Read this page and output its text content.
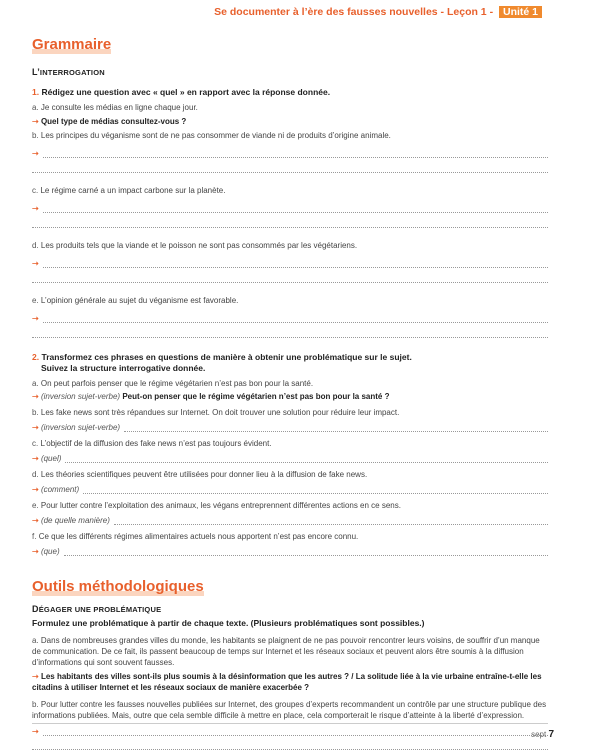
Se documenter à l’ère des fausses nouvelles - Leçon 1 - Unité 1
Grammaire
L’INTERROGATION
1. Rédigez une question avec « quel » en rapport avec la réponse donnée.
a. Je consulte les médias en ligne chaque jour.
➝ Quel type de médias consultez-vous ?
b. Les principes du véganisme sont de ne pas consommer de viande ni de produits d’origine animale.
➝
c. Le régime carné a un impact carbone sur la planète.
➝
d. Les produits tels que la viande et le poisson ne sont pas consommés par les végétariens.
➝
e. L’opinion générale au sujet du véganisme est favorable.
➝
2. Transformez ces phrases en questions de manière à obtenir une problématique sur le sujet.
Suivez la structure interrogative donnée.
a. On peut parfois penser que le régime végétarien n’est pas bon pour la santé.
➝ (inversion sujet-verbe) Peut-on penser que le régime végétarien n’est pas bon pour la santé ?
b. Les fake news sont très répandues sur Internet. On doit trouver une solution pour réduire leur impact.
➝
(inversion sujet-verbe)
c. L’objectif de la diffusion des fake news n’est pas toujours évident.
➝
(quel)
d. Les théories scientifiques peuvent être utilisées pour donner lieu à la diffusion de fake news.
➝
(comment)
e. Pour lutter contre l’exploitation des animaux, les végans entreprennent différentes actions en ce sens.
➝
(de quelle manière)
f. Ce que les différents régimes alimentaires actuels nous apportent n’est pas encore connu.
➝
(que)
Outils méthodologiques
DÉGAGER UNE PROBLÉMATIQUE
Formulez une problématique à partir de chaque texte. (Plusieurs problématiques sont possibles.)
a. Dans de nombreuses grandes villes du monde, les habitants se plaignent de ne pas pouvoir rencontrer leurs voisins, de souffrir d’un manque de communication. De ce fait, ils passent beaucoup de temps sur Internet et les réseaux sociaux et peuvent alors être soumis à la diffusion d’informations qui sont souvent fausses.
➝ Les habitants des villes sont-ils plus soumis à la désinformation que les autres ? / La solitude liée à la vie urbaine entraîne-t-elle les citadins à utiliser Internet et les réseaux sociaux de manière exacerbée ?
b. Pour lutter contre les fausses nouvelles publiées sur Internet, des groupes d’experts recommandent un contrôle par une structure publique des informations publiées. Mais, outre que cela semble difficile à mettre en place, cela comporterait le risque d’atteinte à la liberté d’expression.
➝	sept 7
